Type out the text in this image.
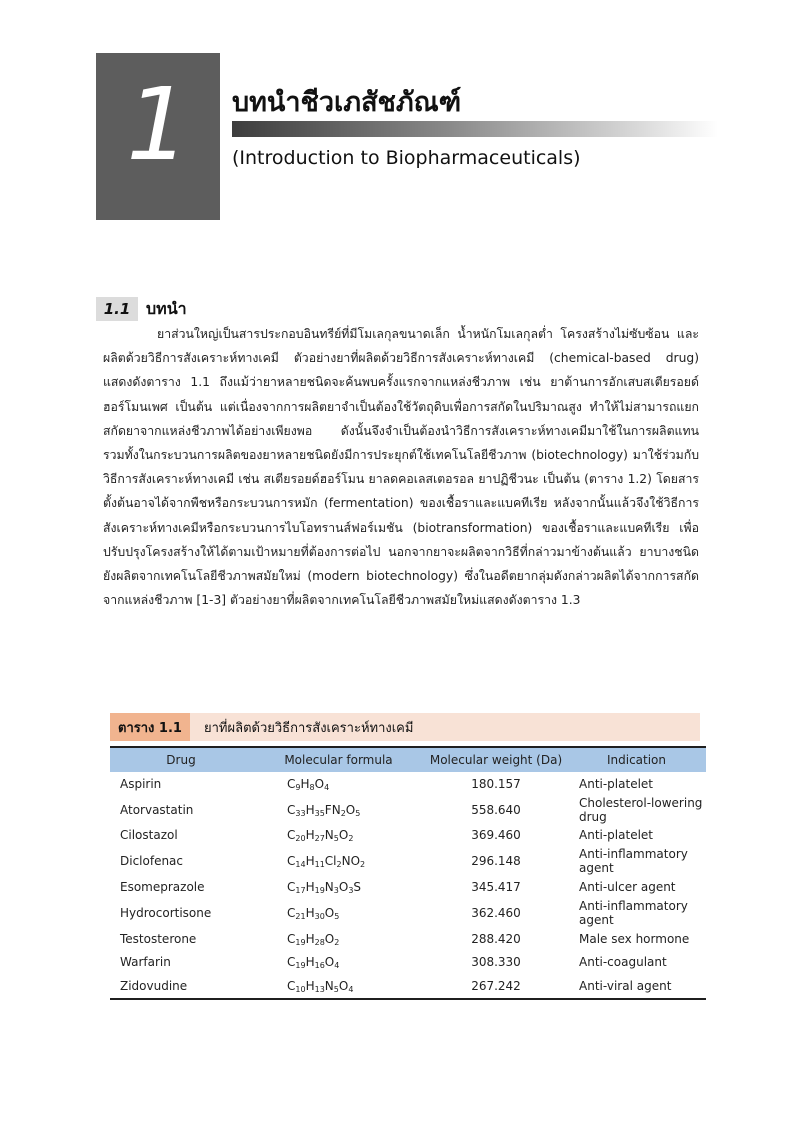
1	บทนำชีวเภสัชภัณฑ์
(Introduction to Biopharmaceuticals)
1.1 บทนำ

ยาส่วนใหญ่เป็นสารประกอบอินทรีย์ที่มีโมเลกุลขนาดเล็ก น้ำหนักโมเลกุลต่ำ โครงสร้างไม่ซับซ้อน และผลิตด้วยวิธีการสังเคราะห์ทางเคมี ตัวอย่างยาที่ผลิตด้วยวิธีการสังเคราะห์ทางเคมี (chemical-based drug) แสดงดังตาราง 1.1 ถึงแม้ว่ายาหลายชนิดจะค้นพบครั้งแรกจากแหล่งชีวภาพ เช่น ยาต้านการอักเสบสเตียรอยด์ ฮอร์โมนเพศ เป็นต้น แต่เนื่องจากการผลิตยาจำเป็นต้องใช้วัตถุดิบเพื่อการสกัดในปริมาณสูง ทำให้ไม่สามารถแยกสกัดยาจากแหล่งชีวภาพได้อย่างเพียงพอ ดังนั้นจึงจำเป็นต้องนำวิธีการสังเคราะห์ทางเคมีมาใช้ในการผลิตแทน รวมทั้งในกระบวนการผลิตของยาหลายชนิดยังมีการประยุกต์ใช้เทคโนโลยีชีวภาพ (biotechnology) มาใช้ร่วมกับวิธีการสังเคราะห์ทางเคมี เช่น สเตียรอยด์ฮอร์โมน ยาลดคอเลสเตอรอล ยาปฏิชีวนะ เป็นต้น (ตาราง 1.2) โดยสารตั้งต้นอาจได้จากพืชหรือกระบวนการหมัก (fermentation) ของเชื้อราและแบคทีเรีย หลังจากนั้นแล้วจึงใช้วิธีการสังเคราะห์ทางเคมีหรือกระบวนการไบโอทรานส์ฟอร์เมชัน (biotransformation) ของเชื้อราและแบคทีเรีย เพื่อปรับปรุงโครงสร้างให้ได้ตามเป้าหมายที่ต้องการต่อไป นอกจากยาจะผลิตจากวิธีที่กล่าวมาข้างต้นแล้ว ยาบางชนิดยังผลิตจากเทคโนโลยีชีวภาพสมัยใหม่ (modern biotechnology) ซึ่งในอดีตยากลุ่มดังกล่าวผลิตได้จากการสกัดจากแหล่งชีวภาพ [1-3] ตัวอย่างยาที่ผลิตจากเทคโนโลยีชีวภาพสมัยใหม่แสดงดังตาราง 1.3

ตาราง 1.1	ยาที่ผลิตด้วยวิธีการสังเคราะห์ทางเคมี
Drug	Molecular formula	Molecular weight (Da)	Indication
Aspirin	$C_9H_8O_4$	180.157	Anti-platelet
Atorvastatin	$C_{33}H_{35}FN_2O_5$	558.640	Cholesterol-lowering drug
Cilostazol	$C_{20}H_{27}N_5O_2$	369.460	Anti-platelet
Diclofenac	$C_{14}H_{11}Cl_2NO_2$	296.148	Anti-inflammatory agent
Esomeprazole	$C_{17}H_{19}N_3O_3S$	345.417	Anti-ulcer agent
Hydrocortisone	$C_{21}H_{30}O_5$	362.460	Anti-inflammatory agent
Testosterone	$C_{19}H_{28}O_2$	288.420	Male sex hormone
Warfarin	$C_{19}H_{16}O_4$	308.330	Anti-coagulant
Zidovudine	$C_{10}H_{13}N_5O_4$	267.242	Anti-viral agent
